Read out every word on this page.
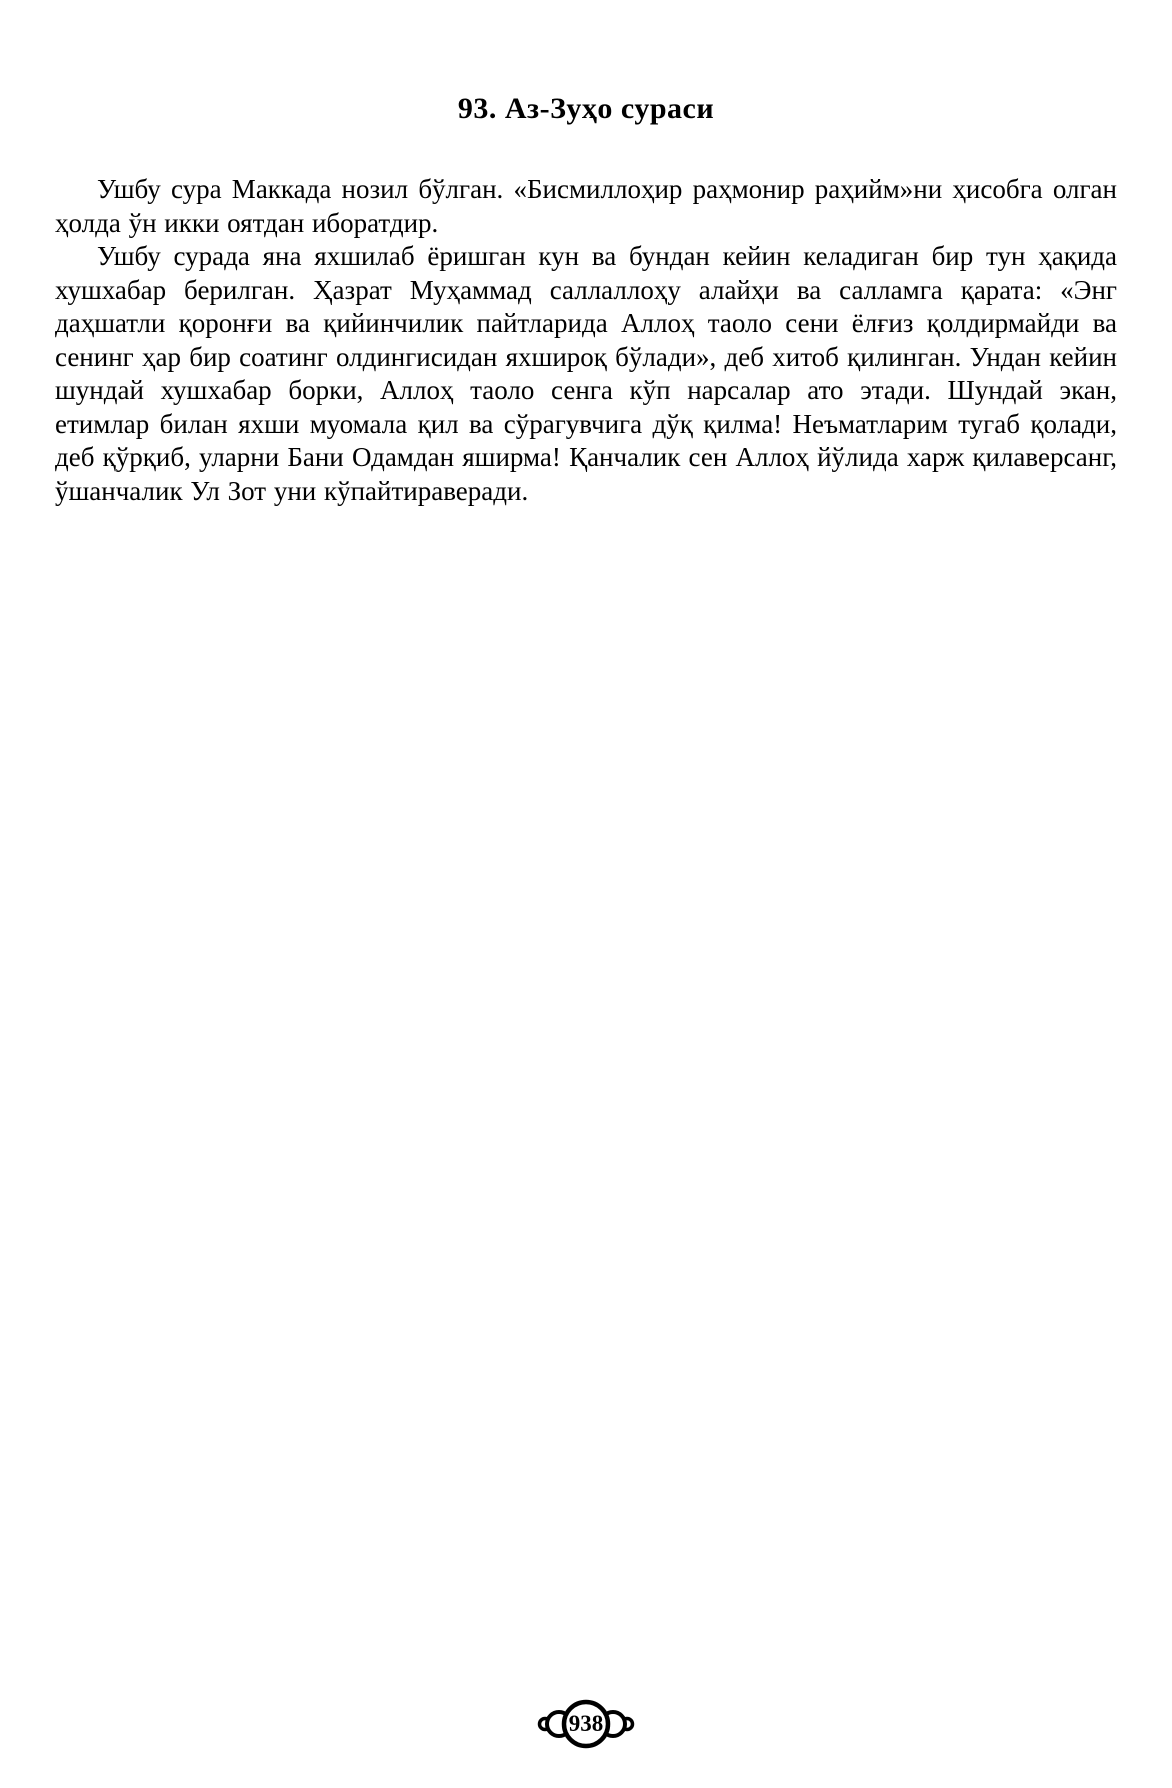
93. Аз-Зуҳо сураси

Ушбу сура Маккада нозил бўлган. «Бисмиллоҳир раҳмонир раҳийм»ни ҳисобга олган ҳолда ўн икки оятдан иборатдир.

Ушбу сурада яна яхшилаб ёришган кун ва бундан кейин келадиган бир тун ҳақида хушхабар берилган. Ҳазрат Муҳаммад саллаллоҳу алайҳи ва салламга қарата: «Энг даҳшатли қоронғи ва қийинчилик пайтларида Аллоҳ таоло сени ёлғиз қолдирмайди ва сенинг ҳар бир соатинг олдингисидан яхшироқ бўлади», деб хитоб қилинган. Ундан кейин шундай хушхабар борки, Аллоҳ таоло сенга кўп нарсалар ато этади. Шундай экан, етимлар билан яхши муомала қил ва сўрагувчига дўқ қилма! Неъматларим тугаб қолади, деб қўрқиб, уларни Бани Одамдан яширма! Қанчалик сен Аллоҳ йўлида харж қилаверсанг, ўшанчалик Ул Зот уни кўпайтираверади.

938
